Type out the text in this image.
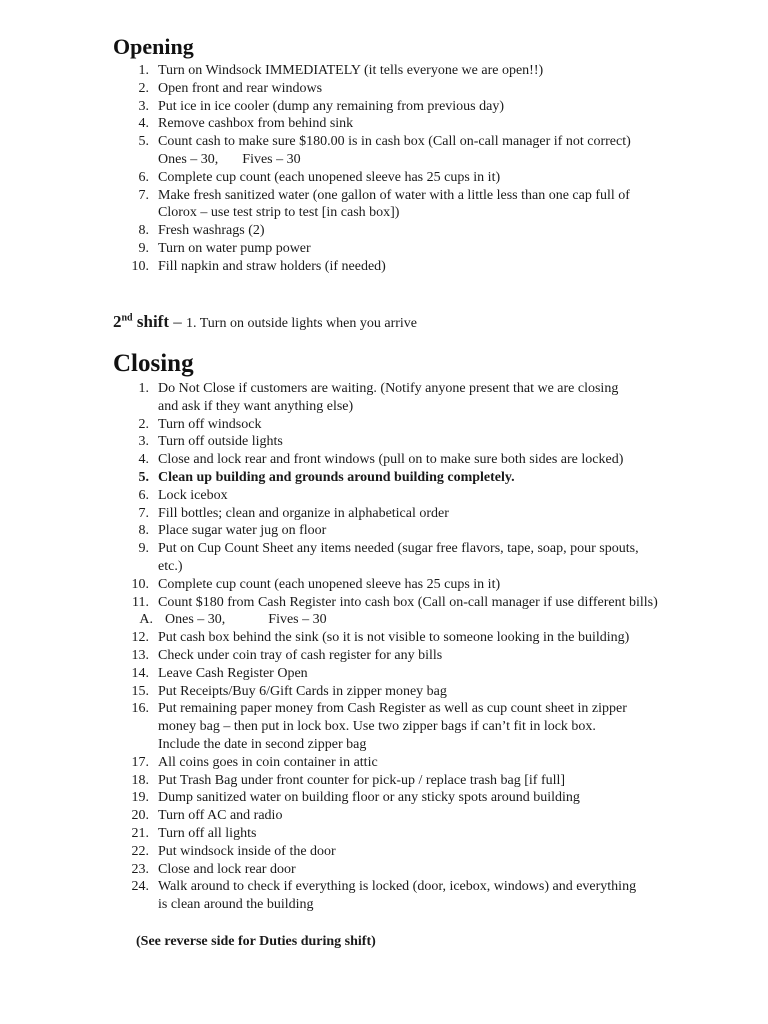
Opening
1. Turn on Windsock IMMEDIATELY (it tells everyone we are open!!)
2. Open front and rear windows
3. Put ice in ice cooler (dump any remaining from previous day)
4. Remove cashbox from behind sink
5. Count cash to make sure $180.00 is in cash box (Call on-call manager if not correct)
Ones – 30, Fives – 30
6. Complete cup count (each unopened sleeve has 25 cups in it)
7. Make fresh sanitized water (one gallon of water with a little less than one cap full of
Clorox – use test strip to test [in cash box])
8. Fresh washrags (2)
9. Turn on water pump power
10. Fill napkin and straw holders (if needed)
2nd shift – 1. Turn on outside lights when you arrive
Closing
1. Do Not Close if customers are waiting. (Notify anyone present that we are closing
and ask if they want anything else)
2. Turn off windsock
3. Turn off outside lights
4. Close and lock rear and front windows (pull on to make sure both sides are locked)
5. Clean up building and grounds around building completely.
6. Lock icebox
7. Fill bottles; clean and organize in alphabetical order
8. Place sugar water jug on floor
9. Put on Cup Count Sheet any items needed (sugar free flavors, tape, soap, pour spouts,
etc.)
10. Complete cup count (each unopened sleeve has 25 cups in it)
11. Count $180 from Cash Register into cash box (Call on-call manager if use different bills)
A. Ones – 30,	Fives – 30
12. Put cash box behind the sink (so it is not visible to someone looking in the building)
13. Check under coin tray of cash register for any bills
14. Leave Cash Register Open
15. Put Receipts/Buy 6/Gift Cards in zipper money bag
16. Put remaining paper money from Cash Register as well as cup count sheet in zipper
money bag – then put in lock box. Use two zipper bags if can’t fit in lock box.
Include the date in second zipper bag
17. All coins goes in coin container in attic
18. Put Trash Bag under front counter for pick-up / replace trash bag [if full]
19. Dump sanitized water on building floor or any sticky spots around building
20. Turn off AC and radio
21. Turn off all lights
22. Put windsock inside of the door
23. Close and lock rear door
24. Walk around to check if everything is locked (door, icebox, windows) and everything
is clean around the building
(See reverse side for Duties during shift)
